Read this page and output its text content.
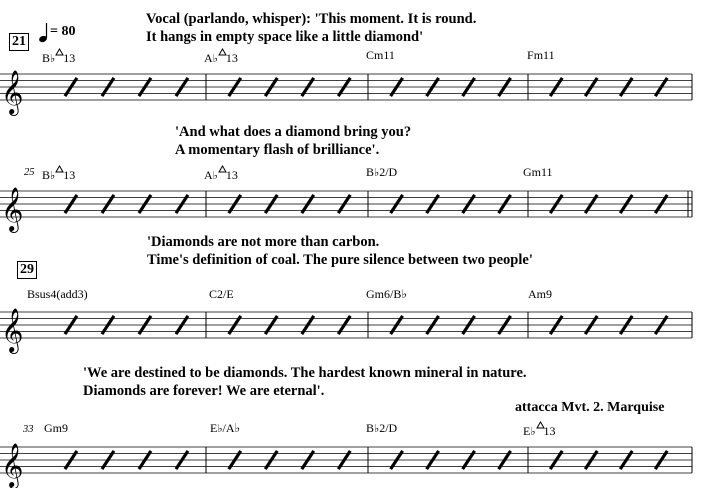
= 80
21
Vocal (parlando, whisper): 'This moment. It is round.
It hangs in empty space like a little diamond'
B♭ 13	A♭ 13	Cm11	Fm11
𝄞
'And what does a diamond bring you?
A momentary flash of brilliance'.
25 B♭ 13	A♭ 13	B♭2/D	Gm11
𝄞
'Diamonds are not more than carbon.
Time's definition of coal. The pure silence between two people'
29
Bsus4(add3)	C2/E	Gm6/B♭	Am9
𝄞
'We are destined to be diamonds. The hardest known mineral in nature.
Diamonds are forever! We are eternal'.
attacca Mvt. 2. Marquise
33 Gm9	E♭/A♭	B♭2/D	E♭ 13
𝄞
